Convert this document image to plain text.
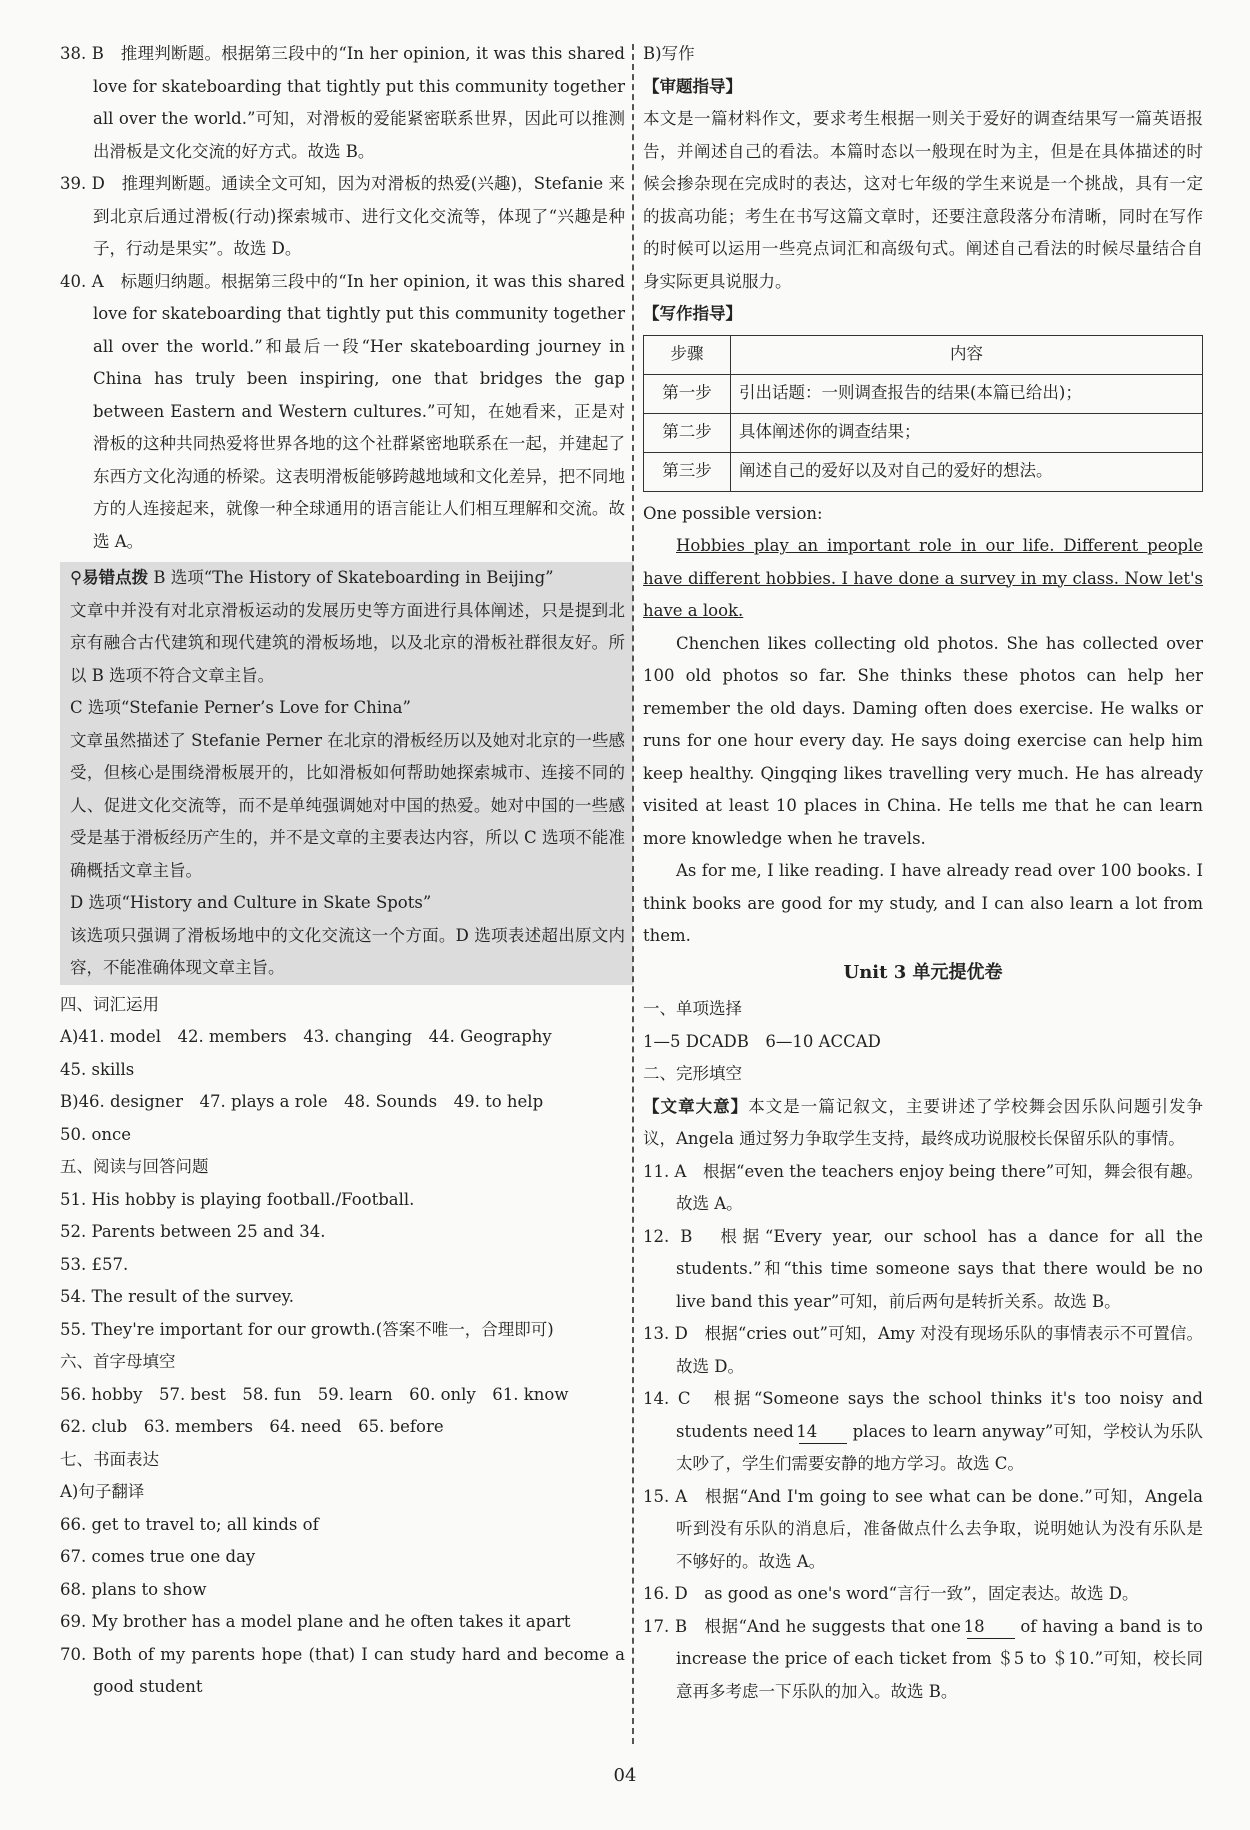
38. B　推理判断题。根据第三段中的“In her opinion, it was this shared love for skateboarding that tightly put this community together all over the world.”可知，对滑板的爱能紧密联系世界，因此可以推测出滑板是文化交流的好方式。故选 B。

39. D　推理判断题。通读全文可知，因为对滑板的热爱(兴趣)，Stefanie 来到北京后通过滑板(行动)探索城市、进行文化交流等，体现了“兴趣是种子，行动是果实”。故选 D。

40. A　标题归纳题。根据第三段中的“In her opinion, it was this shared love for skateboarding that tightly put this community together all over the world.”和最后一段“Her skateboarding journey in China has truly been inspiring, one that bridges the gap between Eastern and Western cultures.”可知，在她看来，正是对滑板的这种共同热爱将世界各地的这个社群紧密地联系在一起，并建起了东西方文化沟通的桥梁。这表明滑板能够跨越地域和文化差异，把不同地方的人连接起来，就像一种全球通用的语言能让人们相互理解和交流。故选 A。

⚲易错点拨 B 选项“The History of Skateboarding in Beijing”

文章中并没有对北京滑板运动的发展历史等方面进行具体阐述，只是提到北京有融合古代建筑和现代建筑的滑板场地，以及北京的滑板社群很友好。所以 B 选项不符合文章主旨。

C 选项“Stefanie Perner’s Love for China”

文章虽然描述了 Stefanie Perner 在北京的滑板经历以及她对北京的一些感受，但核心是围绕滑板展开的，比如滑板如何帮助她探索城市、连接不同的人、促进文化交流等，而不是单纯强调她对中国的热爱。她对中国的一些感受是基于滑板经历产生的，并不是文章的主要表达内容，所以 C 选项不能准确概括文章主旨。

D 选项“History and Culture in Skate Spots”

该选项只强调了滑板场地中的文化交流这一个方面。D 选项表述超出原文内容，不能准确体现文章主旨。

四、词汇运用

A)41. model　42. members　43. changing　44. Geography

45. skills

B)46. designer　47. plays a role　48. Sounds　49. to help

50. once

五、阅读与回答问题

51. His hobby is playing football./Football.

52. Parents between 25 and 34.

53. £57.

54. The result of the survey.

55. They're important for our growth.(答案不唯一，合理即可)

六、首字母填空

56. hobby　57. best　58. fun　59. learn　60. only　61. know

62. club　63. members　64. need　65. before

七、书面表达

A)句子翻译

66. get to travel to; all kinds of

67. comes true one day

68. plans to show

69. My brother has a model plane and he often takes it apart

70. Both of my parents hope (that) I can study hard and become a good student

B)写作

【审题指导】

本文是一篇材料作文，要求考生根据一则关于爱好的调查结果写一篇英语报告，并阐述自己的看法。本篇时态以一般现在时为主，但是在具体描述的时候会掺杂现在完成时的表达，这对七年级的学生来说是一个挑战，具有一定的拔高功能；考生在书写这篇文章时，还要注意段落分布清晰，同时在写作的时候可以运用一些亮点词汇和高级句式。阐述自己看法的时候尽量结合自身实际更具说服力。

【写作指导】

步骤	内容
第一步	引出话题：一则调查报告的结果(本篇已给出)；
第二步	具体阐述你的调查结果；
第三步	阐述自己的爱好以及对自己的爱好的想法。

One possible version:

Hobbies play an important role in our life. Different people have different hobbies. I have done a survey in my class. Now let's have a look.

Chenchen likes collecting old photos. She has collected over 100 old photos so far. She thinks these photos can help her remember the old days. Daming often does exercise. He walks or runs for one hour every day. He says doing exercise can help him keep healthy. Qingqing likes travelling very much. He has already visited at least 10 places in China. He tells me that he can learn more knowledge when he travels.

As for me, I like reading. I have already read over 100 books. I think books are good for my study, and I can also learn a lot from them.

Unit 3 单元提优卷

一、单项选择

1—5 DCADB　6—10 ACCAD

二、完形填空

【文章大意】本文是一篇记叙文，主要讲述了学校舞会因乐队问题引发争议，Angela 通过努力争取学生支持，最终成功说服校长保留乐队的事情。

11. A　根据“even the teachers enjoy being there”可知，舞会很有趣。故选 A。

12. B　根据“Every year, our school has a dance for all the students.”和“this time someone says that there would be no live band this year”可知，前后两句是转折关系。故选 B。

13. D　根据“cries out”可知，Amy 对没有现场乐队的事情表示不可置信。故选 D。

14. C　根据“Someone says the school thinks it's too noisy and students need 14 places to learn anyway”可知，学校认为乐队太吵了，学生们需要安静的地方学习。故选 C。

15. A　根据“And I'm going to see what can be done.”可知，Angela 听到没有乐队的消息后，准备做点什么去争取，说明她认为没有乐队是不够好的。故选 A。

16. D　as good as one's word“言行一致”，固定表达。故选 D。

17. B　根据“And he suggests that one 18 of having a band is to increase the price of each ticket from ＄5 to ＄10.”可知，校长同意再多考虑一下乐队的加入。故选 B。

04
